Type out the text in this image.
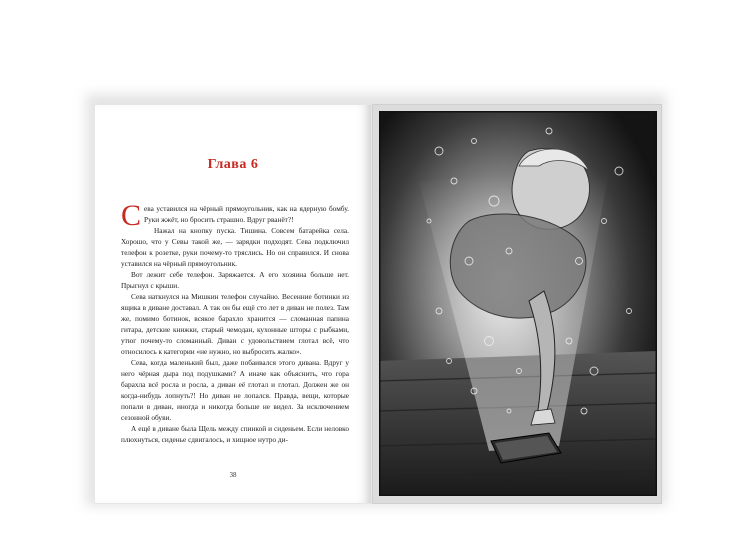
Глава 6

Сева уставился на чёрный прямоугольник, как на ядерную бомбу. Руки жжёт, но бросить страшно. Вдруг рванёт?!

Нажал на кнопку пуска. Тишина. Совсем батарейка села. Хорошо, что у Севы такой же, — зарядки подходят. Сева подключил телефон к розетке, руки почему-то тряслись. Но он справился. И снова уставился на чёрный прямоугольник.

Вот лежит себе телефон. Заряжается. А его хозяина больше нет. Прыгнул с крыши.

Сева наткнулся на Мишкин телефон случайно. Весенние ботинки из ящика в диване доставал. А так он бы ещё сто лет в диван не полез. Там же, помимо ботинок, всякое барахло хранится — сломанная папина гитара, детские книжки, старый чемодан, кухонные шторы с рыбками, утюг почему-то сломанный. Диван с удовольствием глотал всё, что относилось к категории «не нужно, но выбросить жалко».

Сева, когда маленький был, даже побаивался этого дивана. Вдруг у него чёрная дыра под подушками? А иначе как объяснить, что гора барахла всё росла и росла, а диван её глотал и глотал. Должен же он когда-нибудь лопнуть?! Но диван не лопался. Правда, вещи, которые попали в диван, иногда и никогда больше не видел. За исключением сезонной обуви.

А ещё в диване была Щель между спинкой и сиденьем. Если неловко плюхнуться, сиденье сдвигалось, и хищное нутро ди-

38
